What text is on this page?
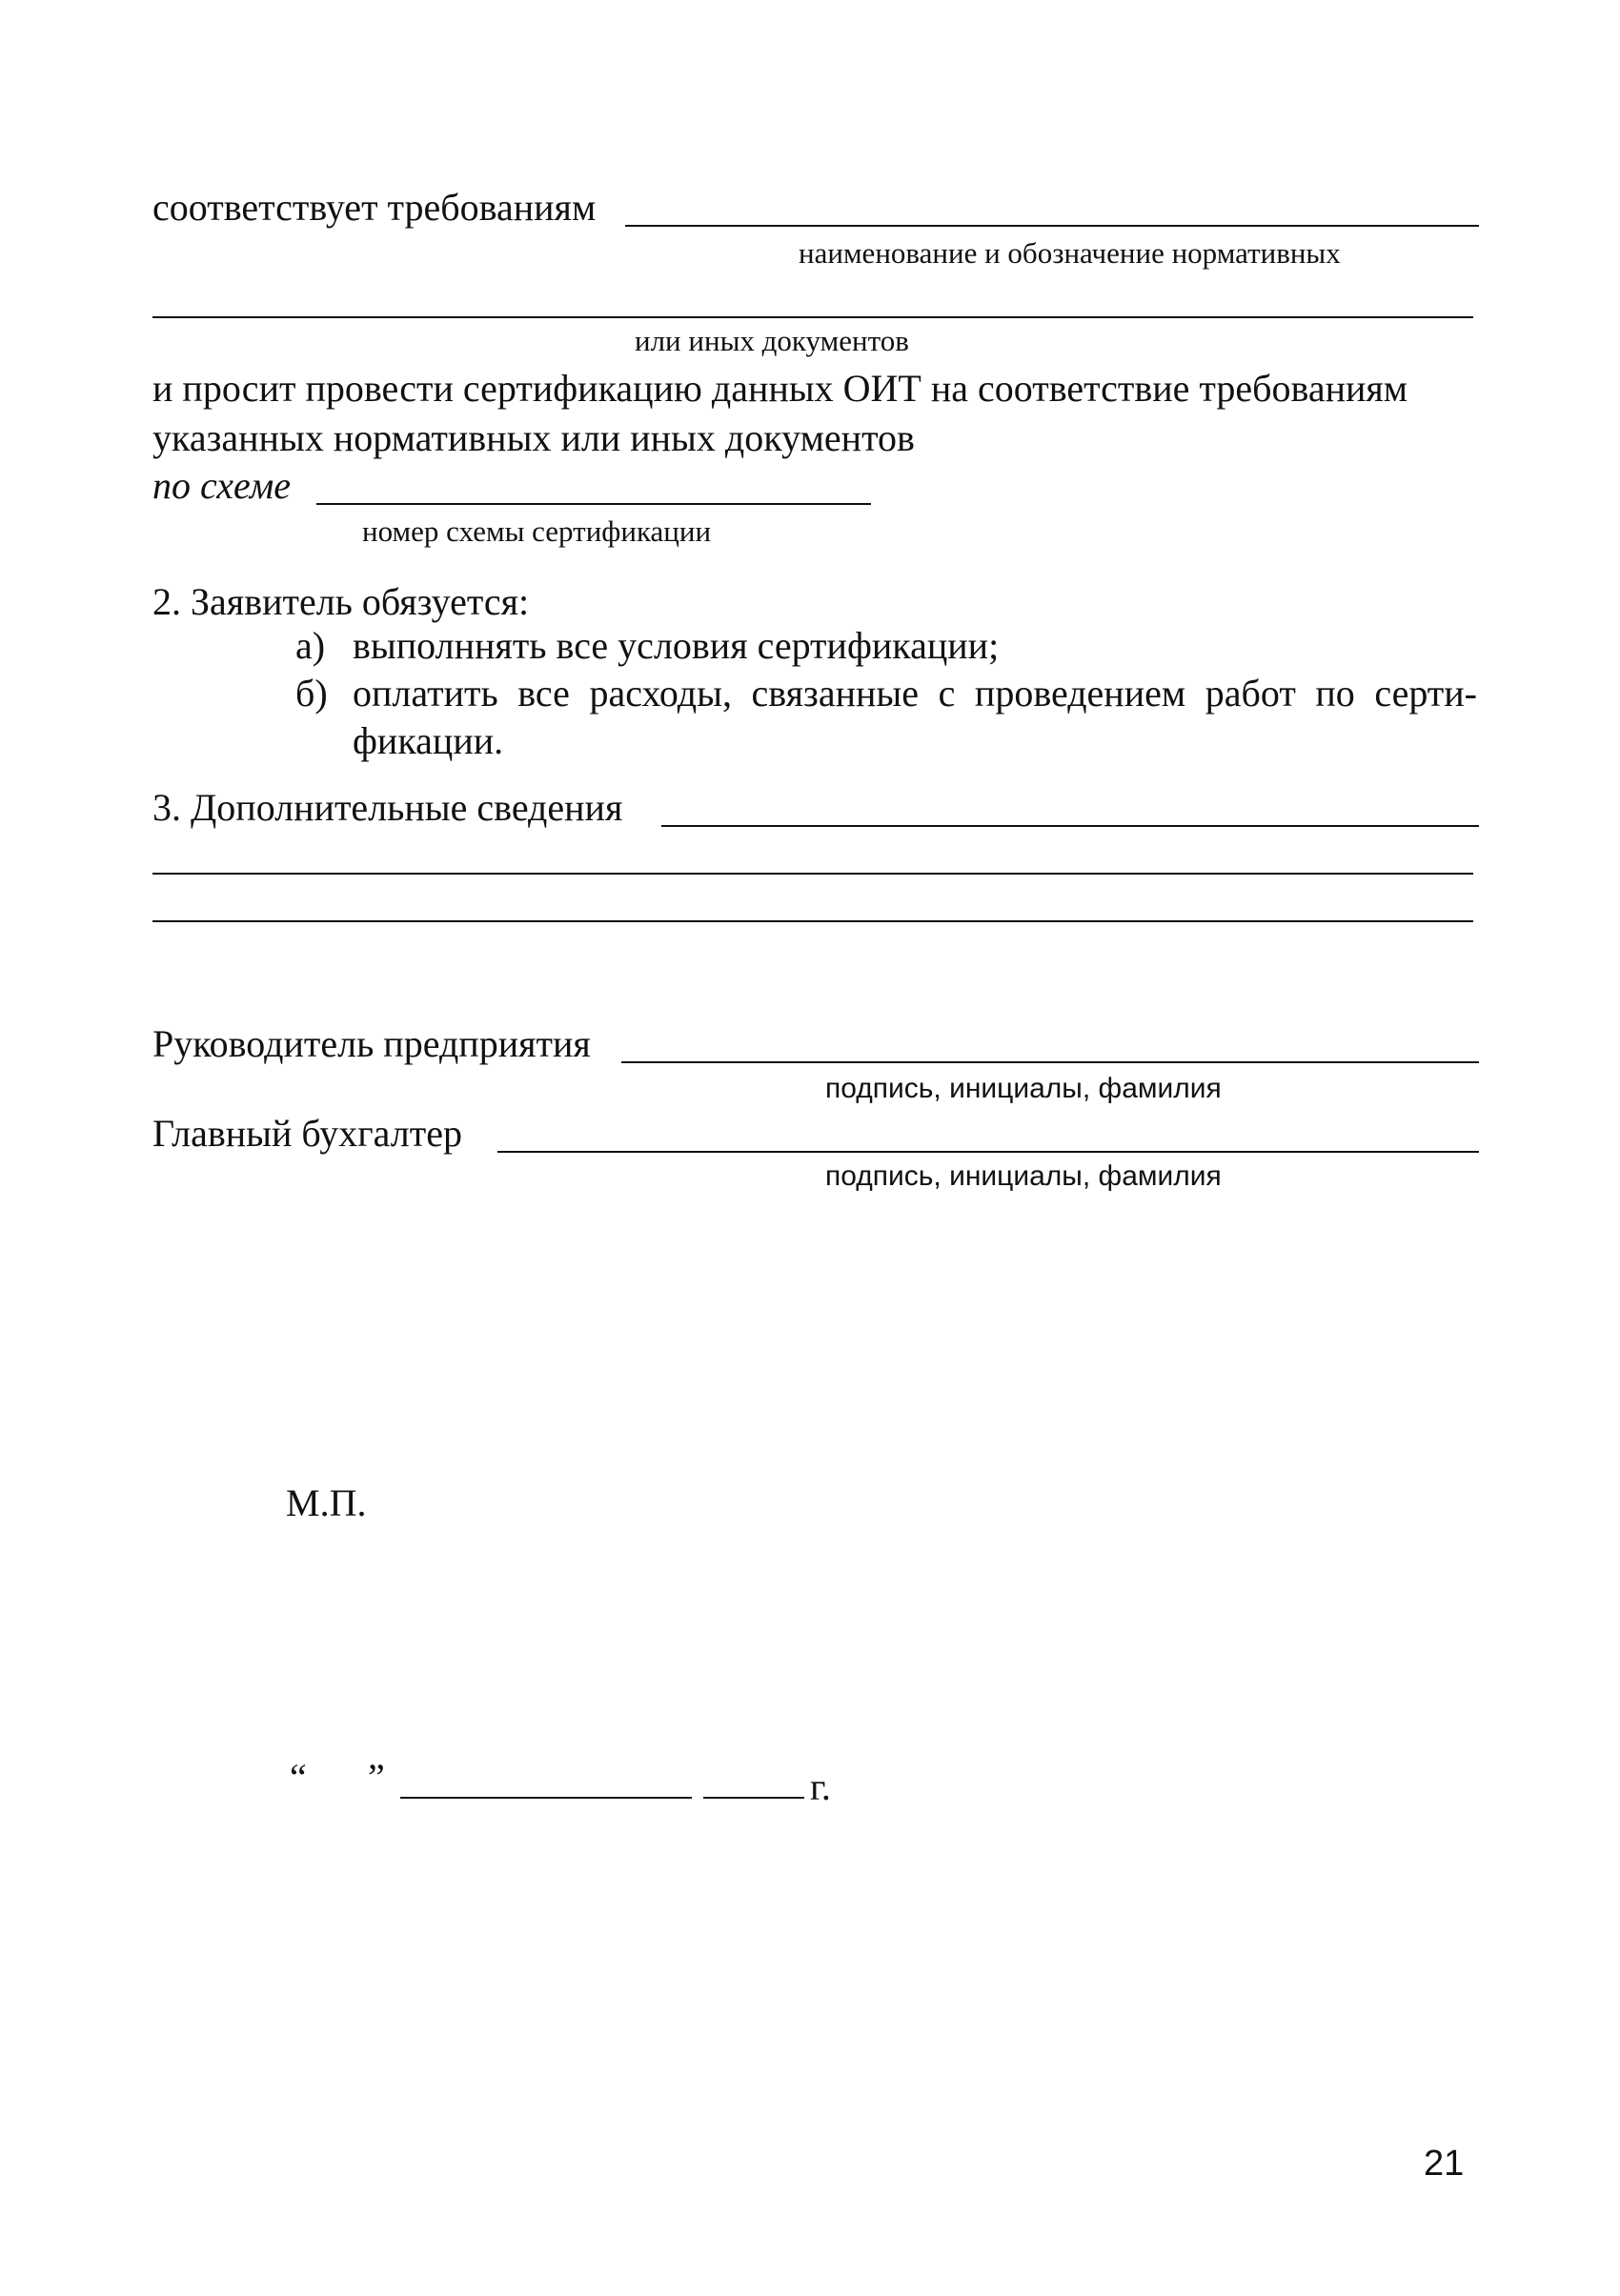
соответствует требованиям
наименование и обозначение нормативных
или иных документов
и просит провести сертификацию данных ОИТ на соответствие требованиям
указанных нормативных или иных документов
по схеме
номер схемы сертификации
2. Заявитель обязуется:
а) выполннять все условия сертификации;
б) оплатить все расходы, связанные с проведением работ по серти-
фикации.
3. Дополнительные сведения
Руководитель предприятия
подпись, инициалы, фамилия
Главный бухгалтер
подпись, инициалы, фамилия
М.П.
“ ”	г.
21
